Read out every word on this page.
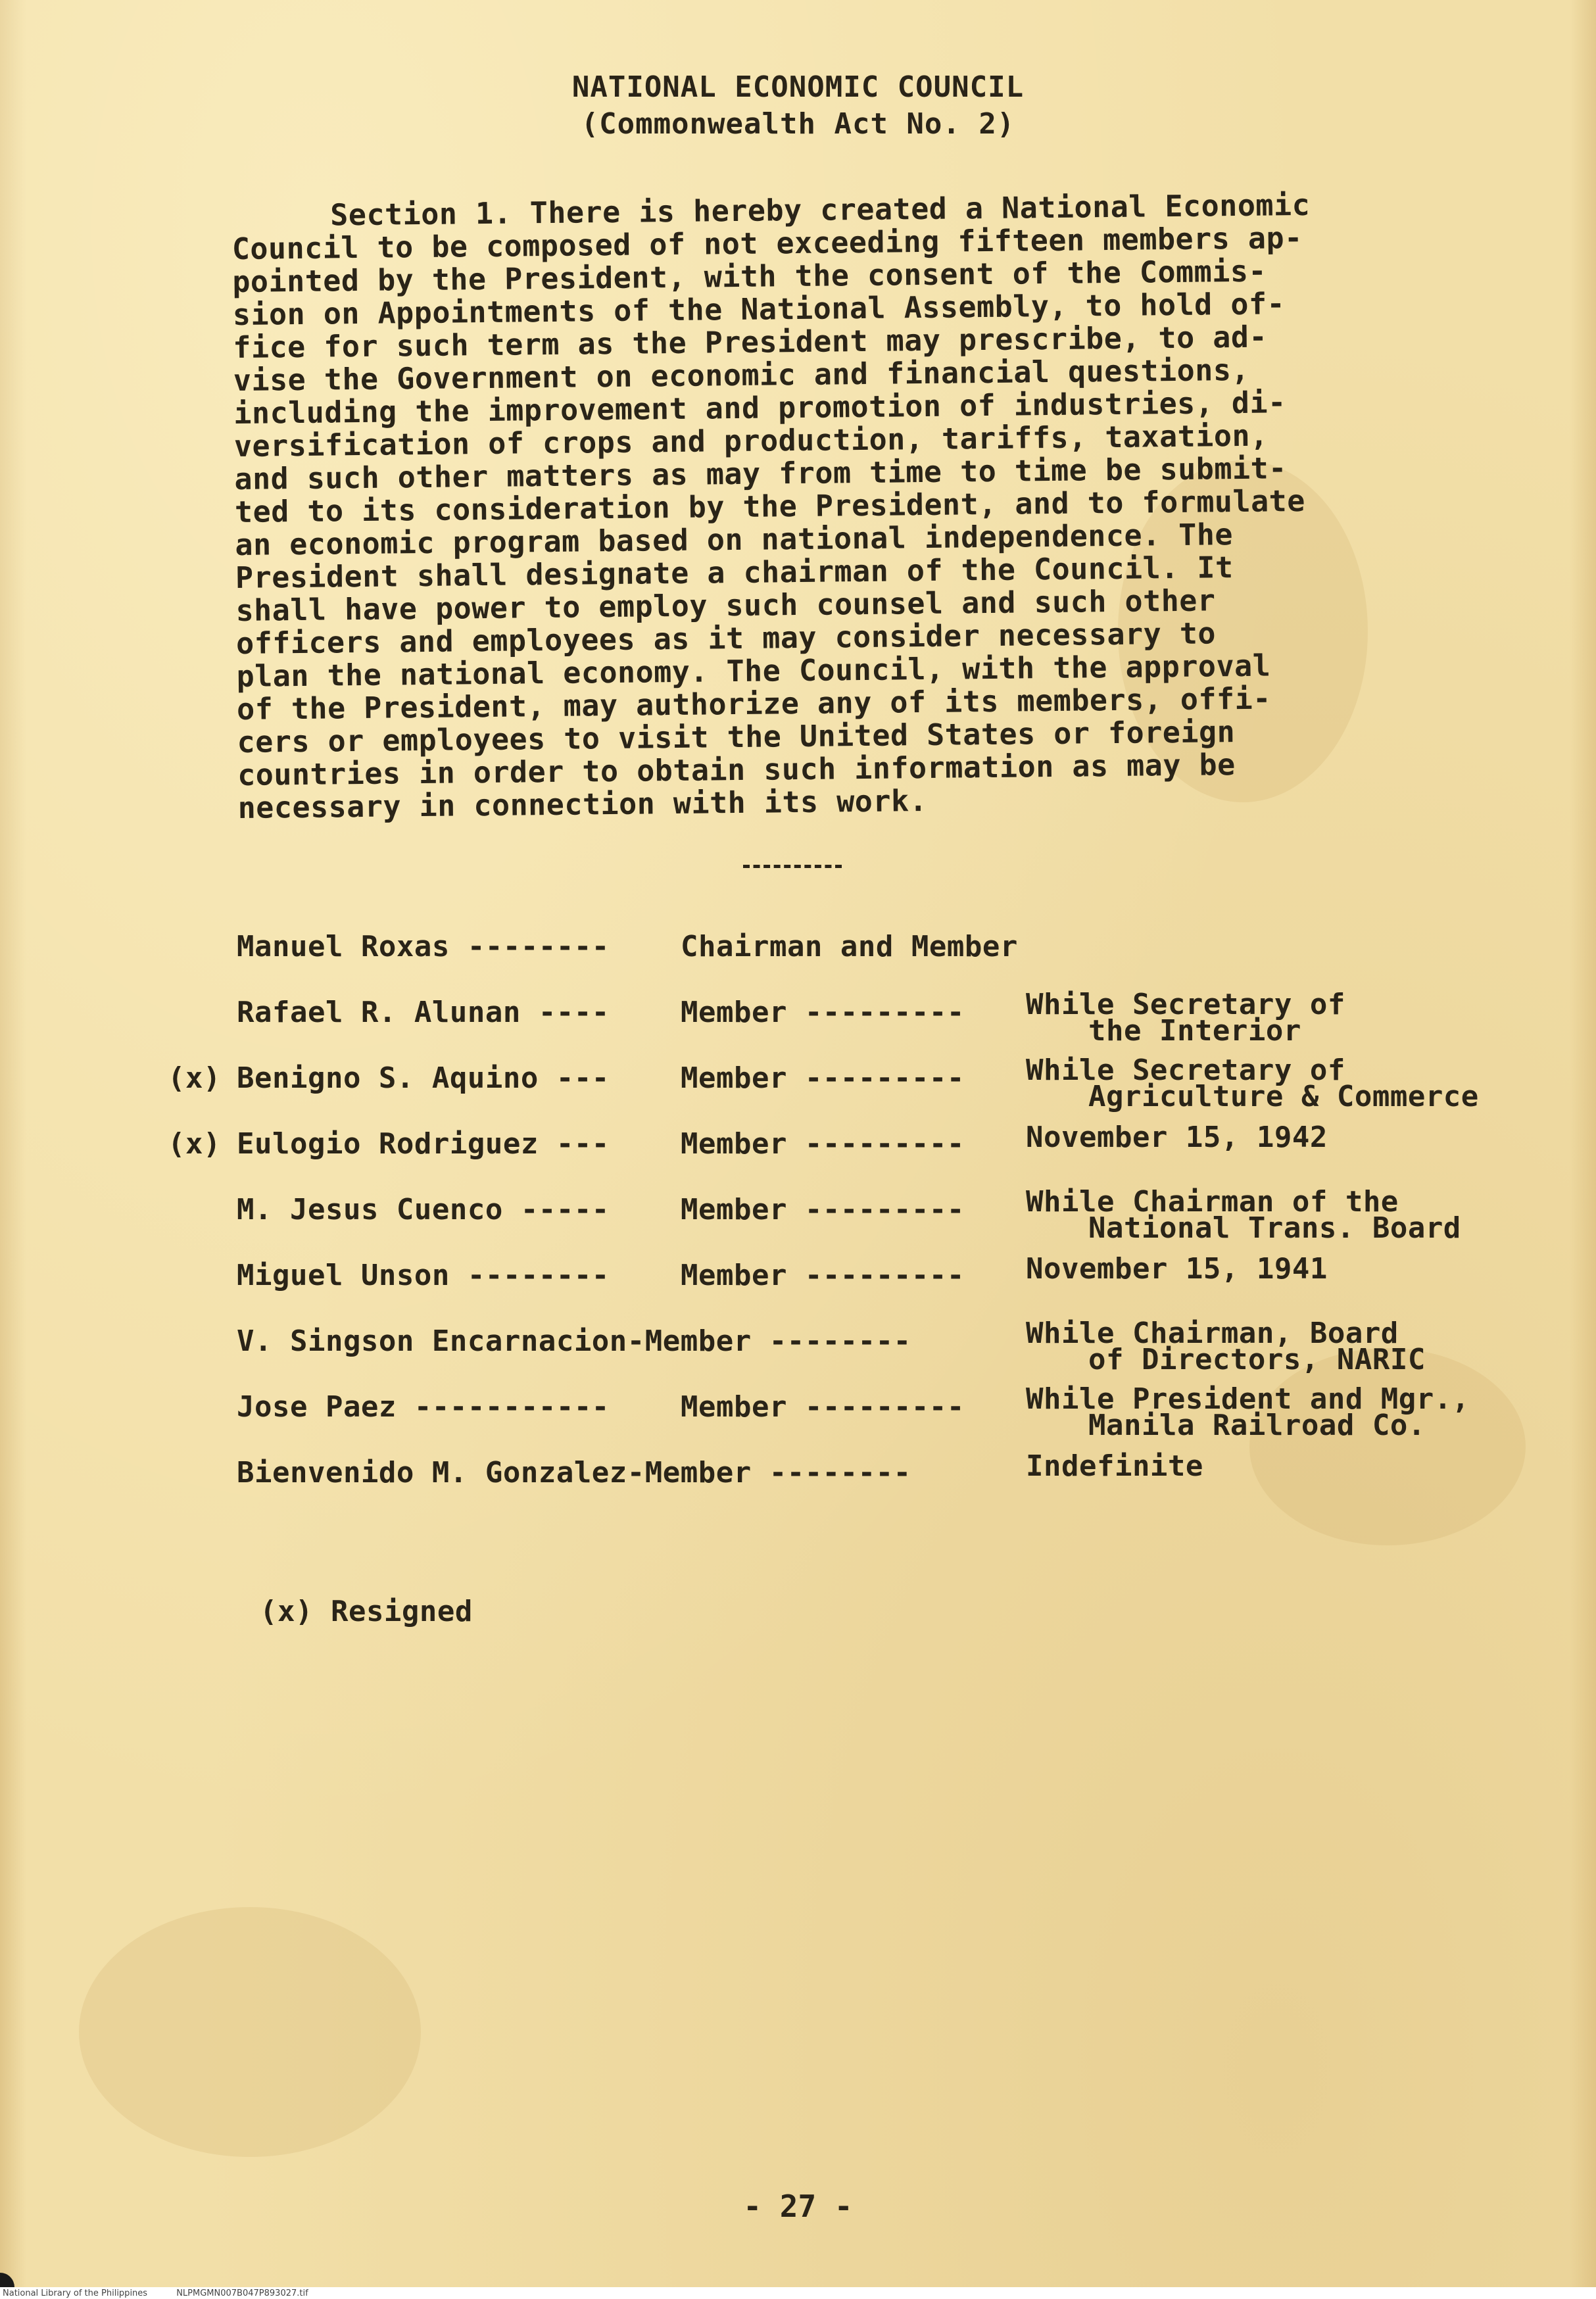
NATIONAL ECONOMIC COUNCIL
(Commonwealth Act No. 2)
Section 1. There is hereby created a National Economic
Council to be composed of not exceeding fifteen members ap-
pointed by the President, with the consent of the Commis-
sion on Appointments of the National Assembly, to hold of-
fice for such term as the President may prescribe, to ad-
vise the Government on economic and financial questions,
including the improvement and promotion of industries, di-
versification of crops and production, tariffs, taxation,
and such other matters as may from time to time be submit-
ted to its consideration by the President, and to formulate
an economic program based on national independence. The
President shall designate a chairman of the Council. It
shall have power to employ such counsel and such other
officers and employees as it may consider necessary to
plan the national economy. The Council, with the approval
of the President, may authorize any of its members, offi-
cers or employees to visit the United States or foreign
countries in order to obtain such information as may be
necessary in connection with its work.
Manuel Roxas -------- Chairman and Member
Rafael R. Alunan ---- Member --------- While Secretary of
the Interior
(x) Benigno S. Aquino --- Member --------- While Secretary of
Agriculture & Commerce
(x) Eulogio Rodriguez --- Member --------- November 15, 1942
M. Jesus Cuenco ----- Member --------- While Chairman of the
National Trans. Board
Miguel Unson -------- Member --------- November 15, 1941
V. Singson Encarnacion-Member --------	While Chairman, Board
of Directors, NARIC
Jose Paez ----------- Member --------- While President and Mgr.,
Manila Railroad Co.
Bienvenido M. Gonzalez-Member --------	Indefinite
(x) Resigned
- 27 -
National Library of the Philippines	NLPMGMN007B047P893027.tif
